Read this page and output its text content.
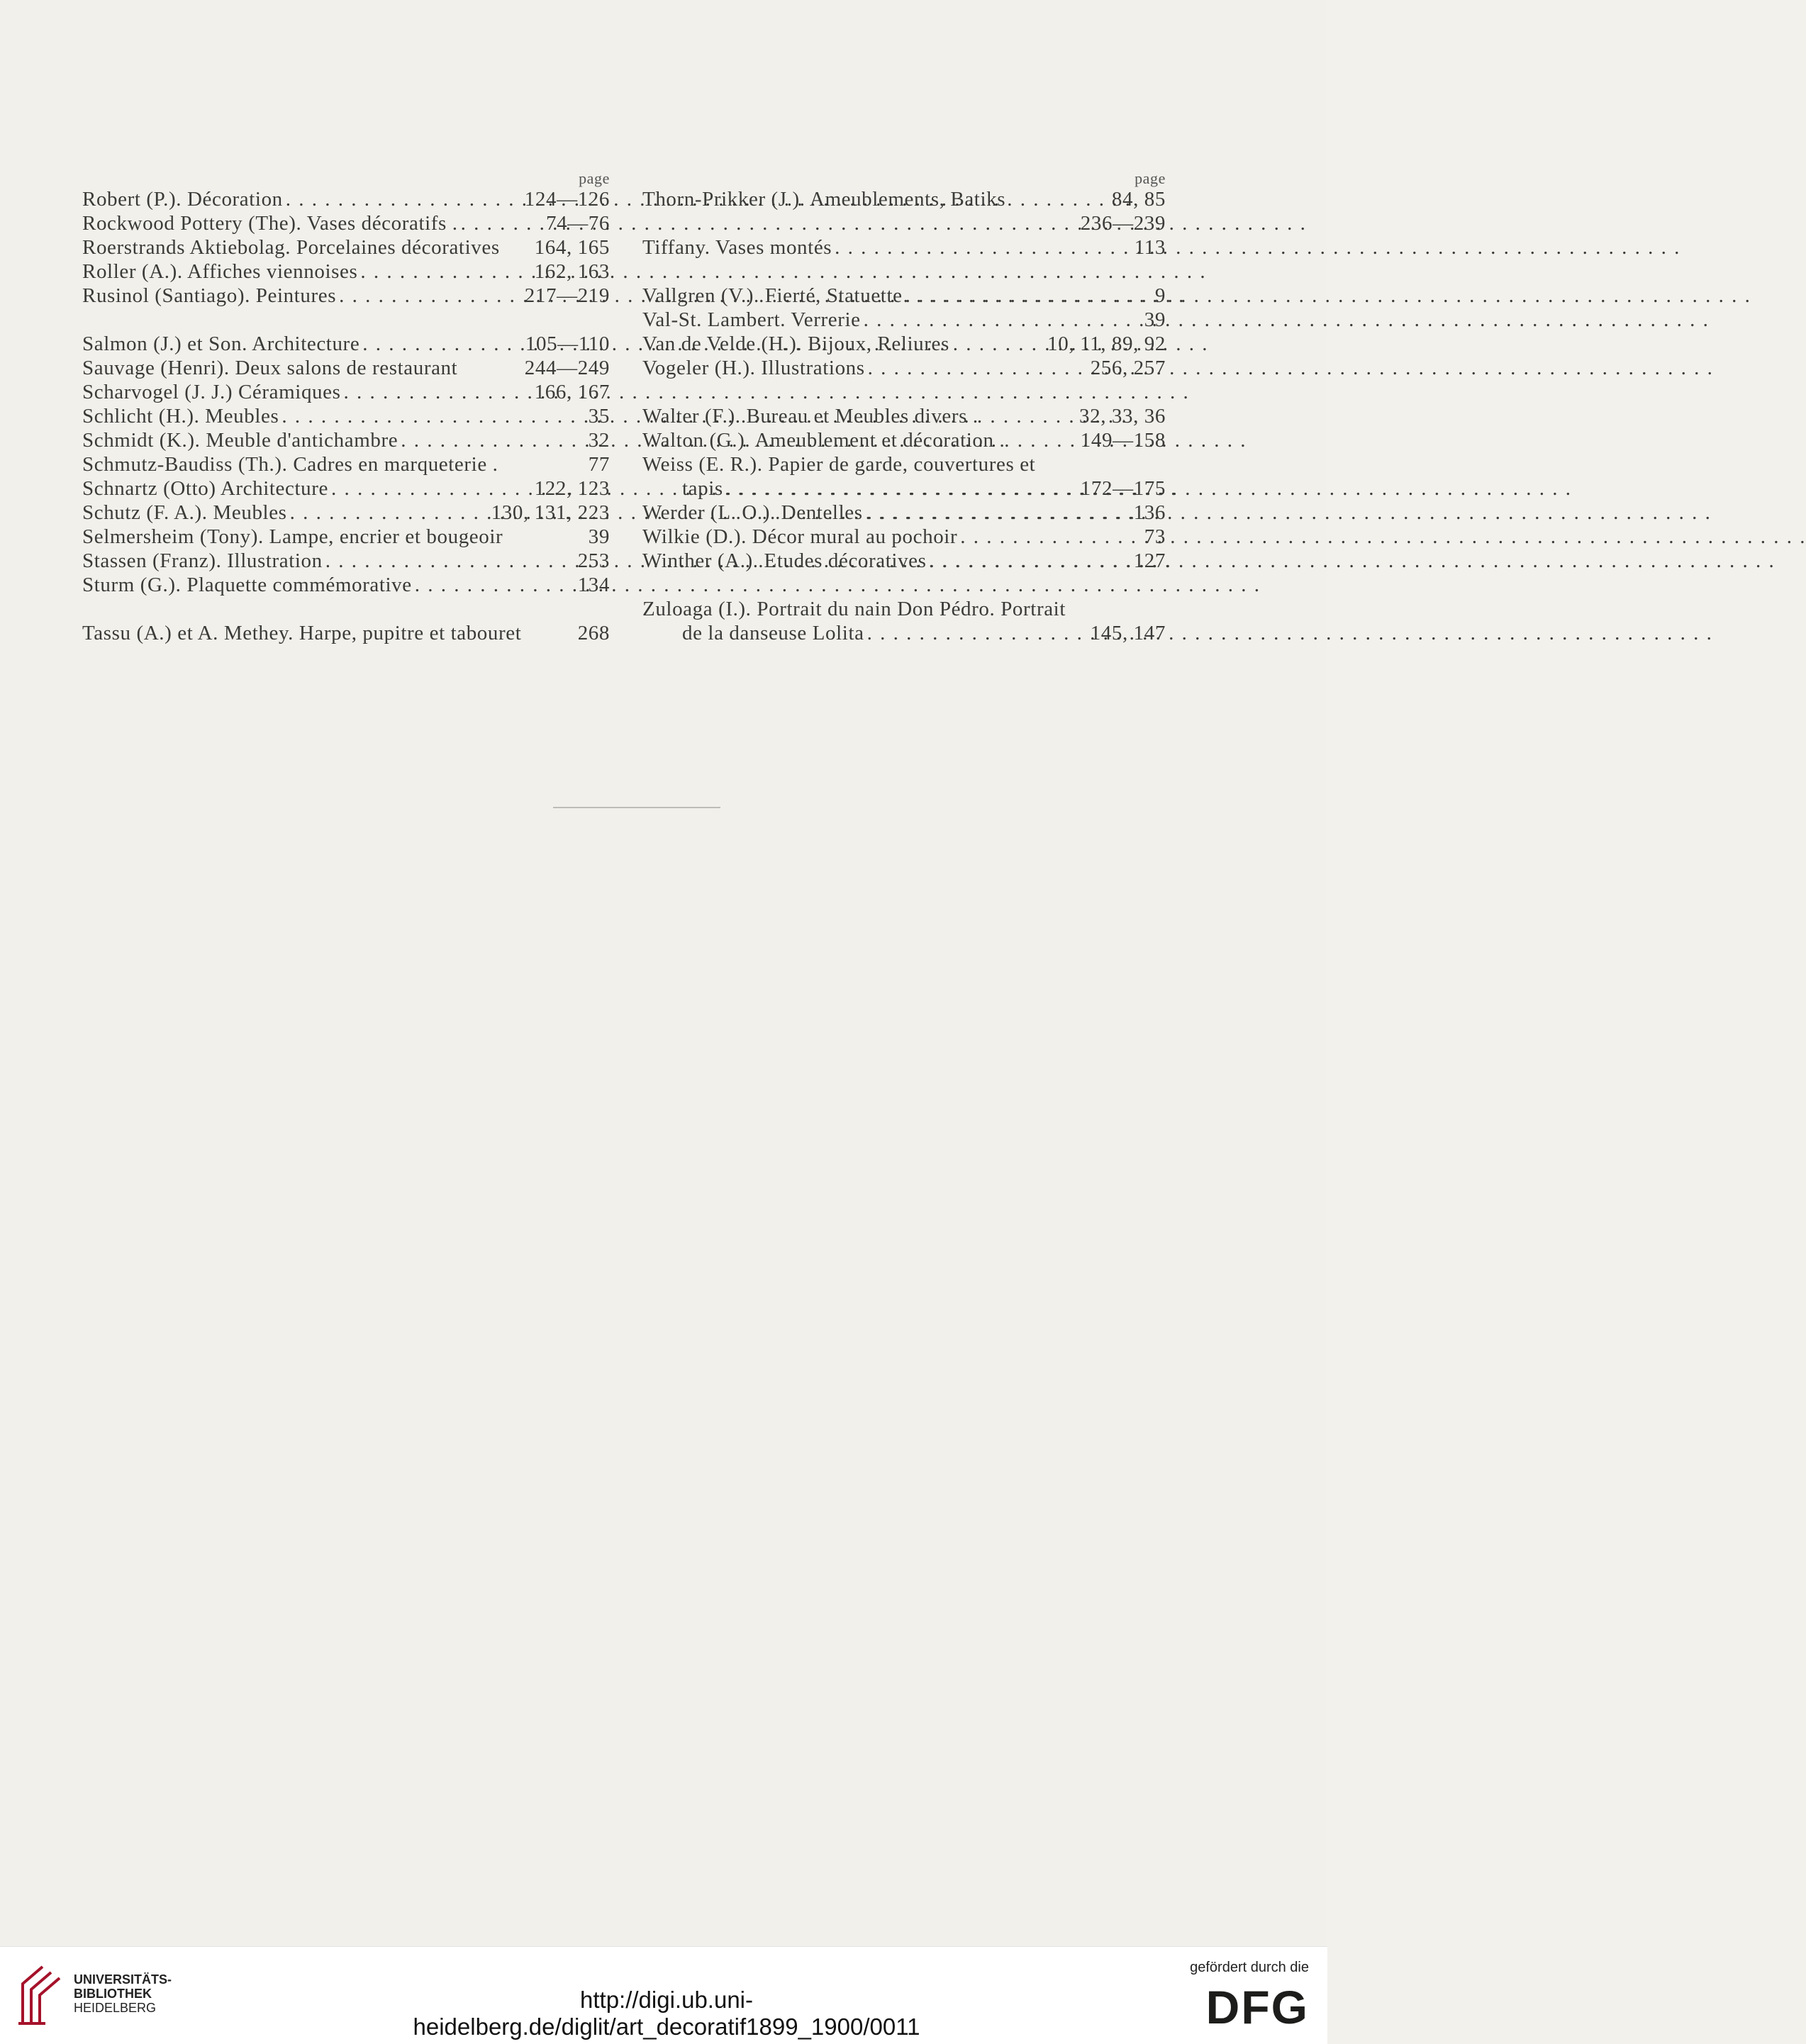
page
Robert (P.). Décoration . . .	124—126
Rockwood Pottery (The). Vases décoratifs . . . .	74—76
Roerstrands Aktiebolag. Porcelaines décoratives 164, 165
Roller (A.). Affiches viennoises . . .	162, 163
Rusinol (Santiago). Peintures . . .	217—219
Salmon (J.) et Son. Architecture . . .	105—110
Sauvage (Henri). Deux salons de restaurant	244—249
Scharvogel (J. J.) Céramiques . . .	166, 167
Schlicht (H.). Meubles . . .	35
Schmidt (K.). Meuble d'antichambre . . .	32
Schmutz-Baudiss (Th.). Cadres en marqueterie .	77
Schnartz (Otto) Architecture . . .	122, 123
Schutz (F. A.). Meubles . . .	130, 131, 223
Selmersheim (Tony). Lampe, encrier et bougeoir	39
Stassen (Franz). Illustration . . .	253
Sturm (G.). Plaquette commémorative . . .	134
Tassu (A.) et A. Methey. Harpe, pupitre et tabouret	268
page
Thorn-Prikker (J.). Ameublements, Batiks	84, 85
236—239
Tiffany. Vases montés . . .	113
Vallgren (V.). Fierté, Statuette . . .	9
Val-St. Lambert. Verrerie . . .	39
Van de Velde (H.). Bijoux, Reliures	10, 11, 89, 92
Vogeler (H.). Illustrations . . .	256, 257
Walter (F.). Bureau et Meubles divers .	32, 33, 36
Walton (G.). Ameublement et décoration .	149—158
Weiss (E. R.). Papier de garde, couvertures et
tapis . . .	172—175
Werder (L. O.). Dentelles . . .	136
Wilkie (D.). Décor mural au pochoir . . .	73
Winther (A.). Etudes décoratives . . .	127
Zuloaga (I.). Portrait du nain Don Pédro. Portrait
de la danseuse Lolita . . .	145, 147
UNIVERSITÄTS-
BIBLIOTHEK
HEIDELBERG	http://digi.ub.uni-heidelberg.de/diglit/art_decoratif1899_1900/0011
gefördert durch die
DFG
